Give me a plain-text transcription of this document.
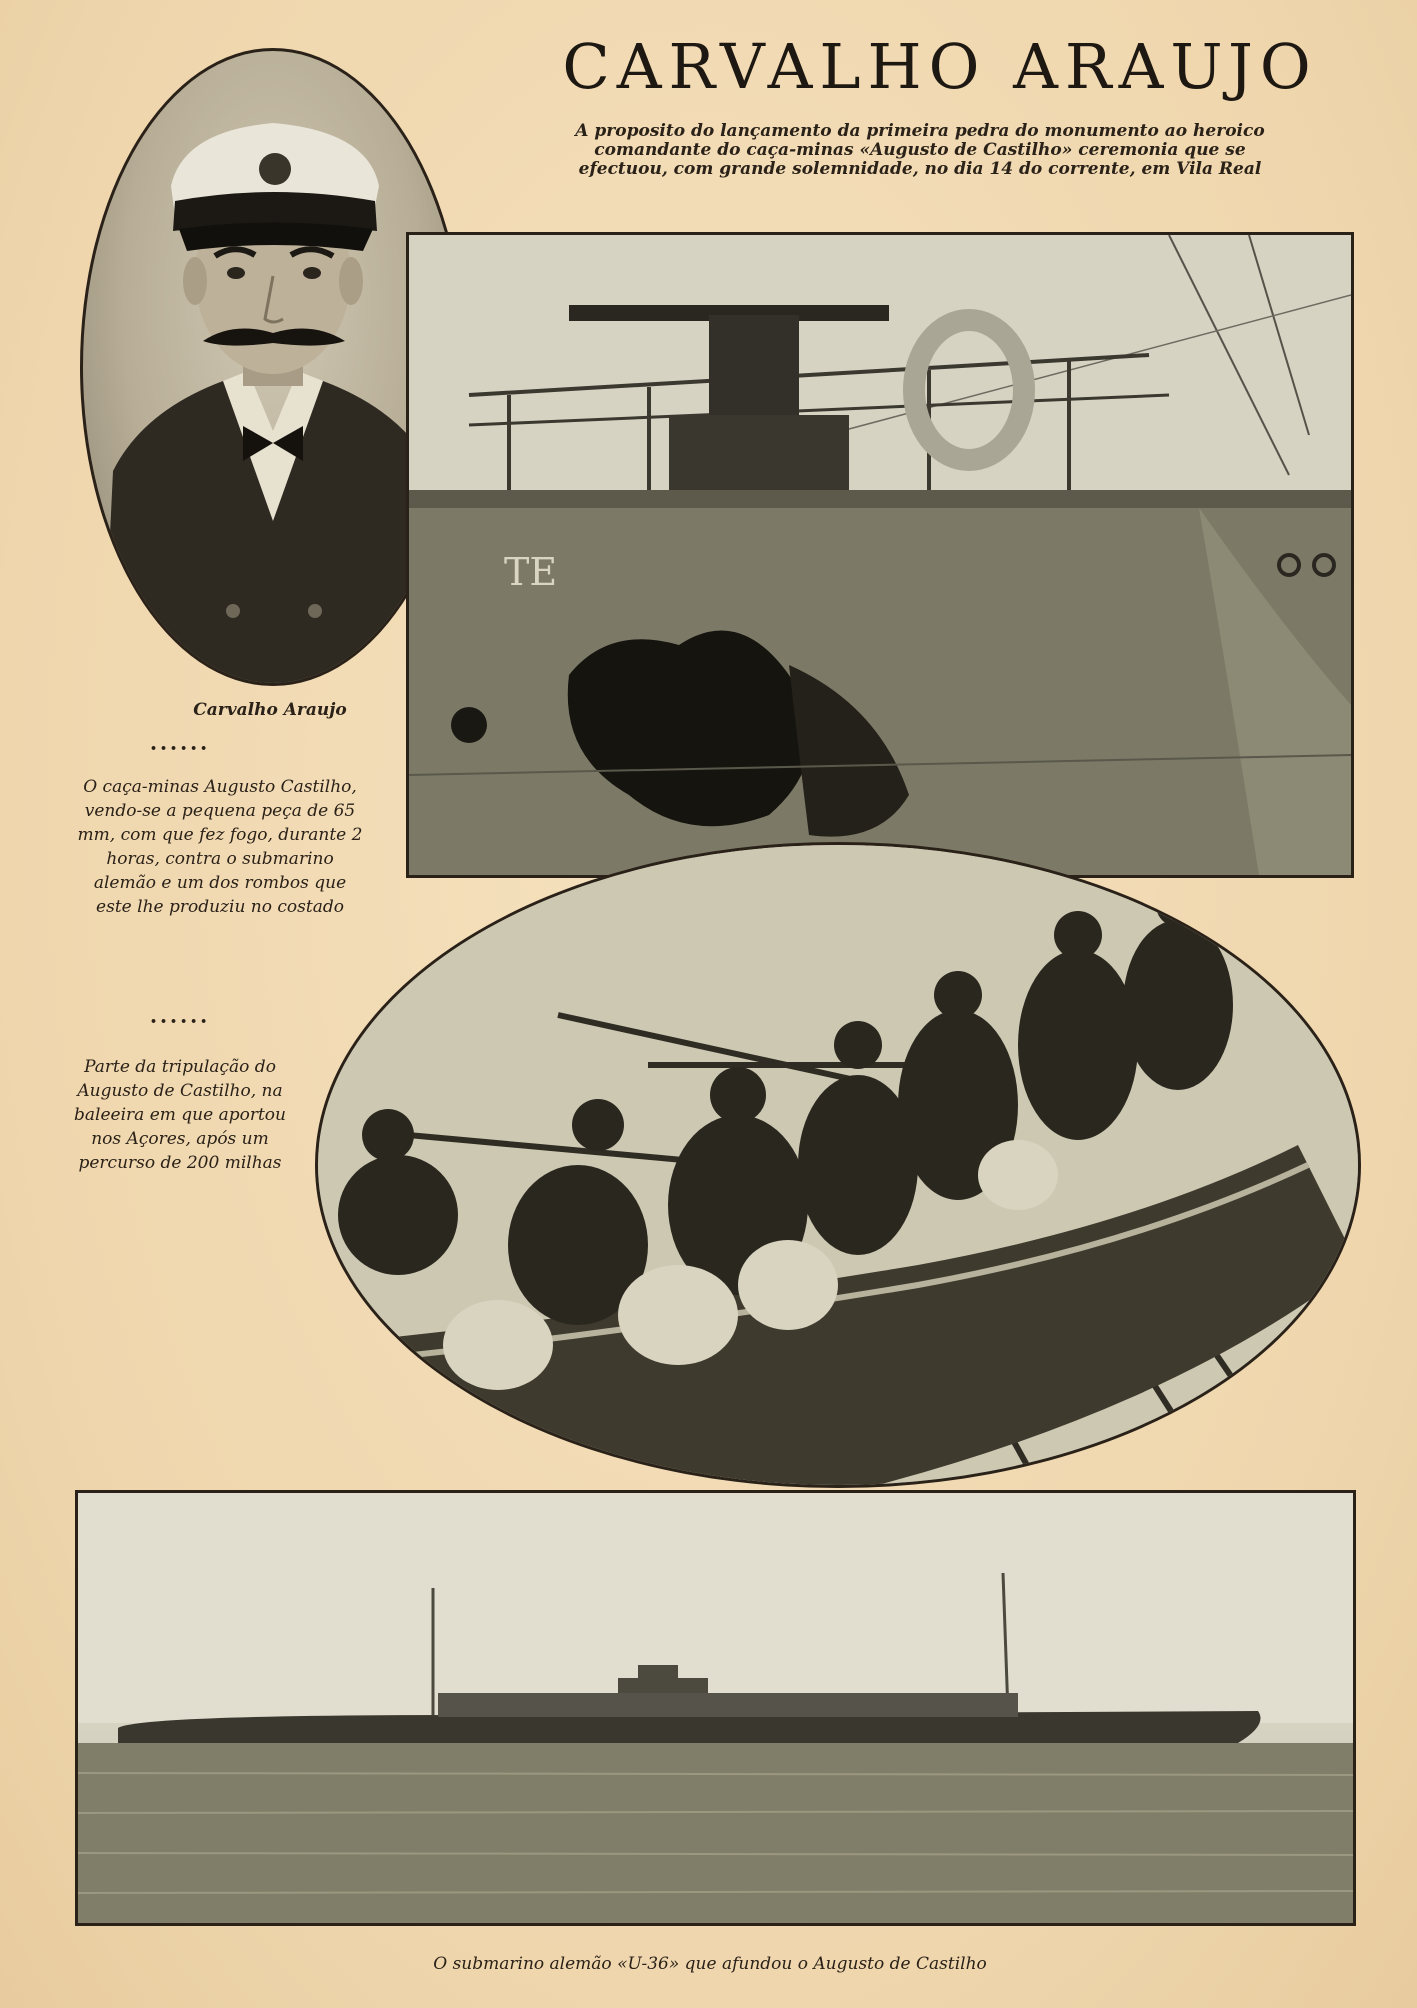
CARVALHO ARAUJO
A proposito do lançamento da primeira pedra do monumento ao heroico comandante do caça-minas «Augusto de Castilho» ceremonia que se efectuou, com grande solemnidade, no dia 14 do corrente, em Vila Real
Carvalho Araujo
••••••
O caça-minas Augusto Castilho, vendo-se a pequena peça de 65 mm, com que fez fogo, durante 2 horas, contra o submarino alemão e um dos rombos que este lhe produziu no costado
••••••
Parte da tripulação do Augusto de Castilho, na baleeira em que aportou nos Açores, após um percurso de 200 milhas
TE
O submarino alemão «U-36» que afundou o Augusto de Castilho
